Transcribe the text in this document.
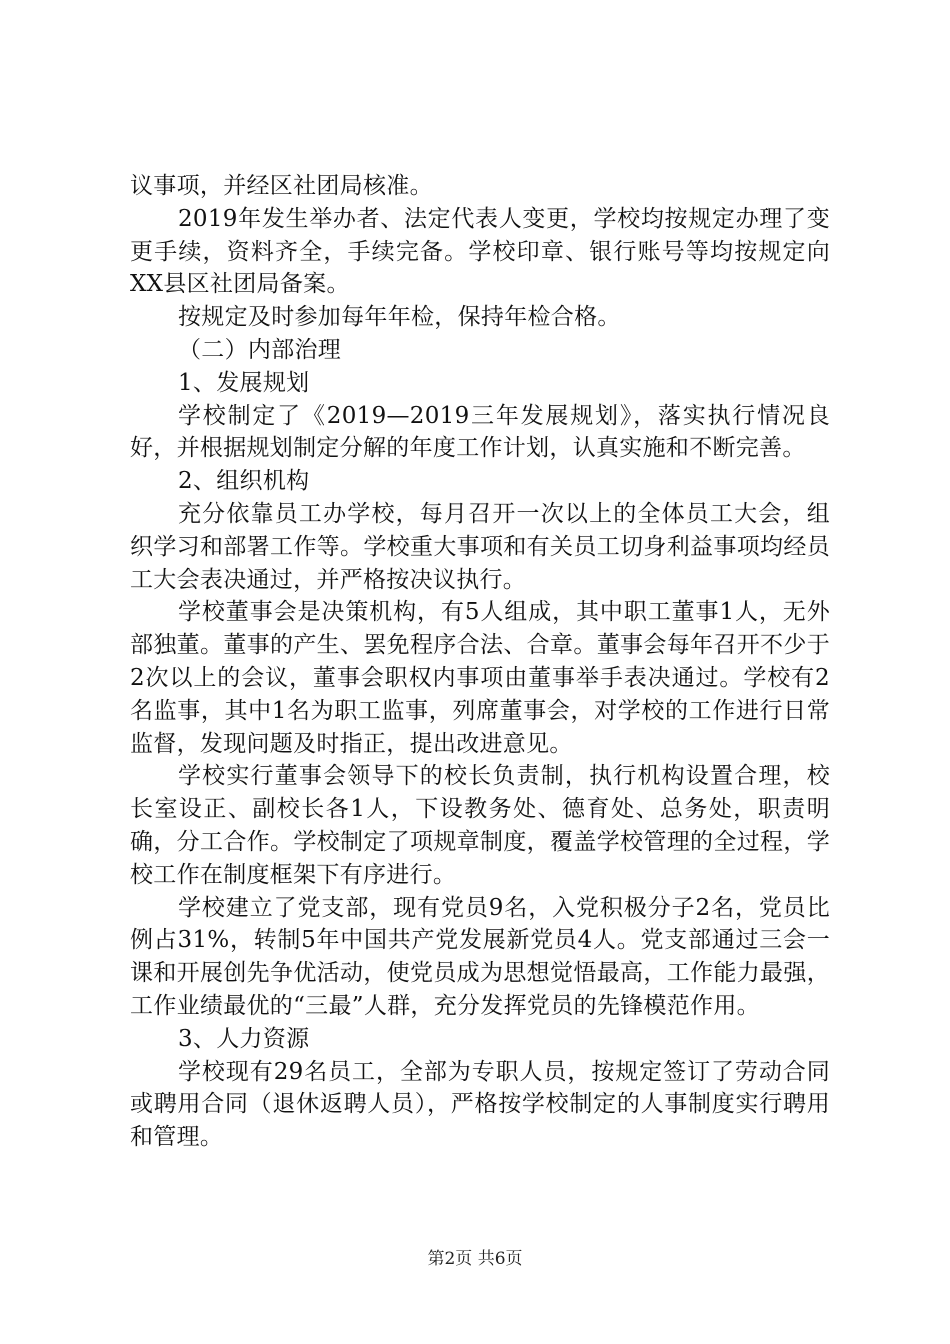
议事项，并经区社团局核准。

2019年发生举办者、法定代表人变更，学校均按规定办理了变更手续，资料齐全，手续完备。学校印章、银行账号等均按规定向XX县区社团局备案。

按规定及时参加每年年检，保持年检合格。

（二）内部治理

1、发展规划

学校制定了《2019—2019三年发展规划》，落实执行情况良好，并根据规划制定分解的年度工作计划，认真实施和不断完善。

2、组织机构

充分依靠员工办学校，每月召开一次以上的全体员工大会，组织学习和部署工作等。学校重大事项和有关员工切身利益事项均经员工大会表决通过，并严格按决议执行。

学校董事会是决策机构，有5人组成，其中职工董事1人，无外部独董。董事的产生、罢免程序合法、合章。董事会每年召开不少于2次以上的会议，董事会职权内事项由董事举手表决通过。学校有2名监事，其中1名为职工监事，列席董事会，对学校的工作进行日常监督，发现问题及时指正，提出改进意见。

学校实行董事会领导下的校长负责制，执行机构设置合理，校长室设正、副校长各1人，下设教务处、德育处、总务处，职责明确，分工合作。学校制定了项规章制度，覆盖学校管理的全过程，学校工作在制度框架下有序进行。

学校建立了党支部，现有党员9名，入党积极分子2名，党员比例占31%，转制5年中国共产党发展新党员4人。党支部通过三会一课和开展创先争优活动，使党员成为思想觉悟最高，工作能力最强，工作业绩最优的“三最”人群，充分发挥党员的先锋模范作用。

3、人力资源

学校现有29名员工，全部为专职人员，按规定签订了劳动合同或聘用合同（退休返聘人员），严格按学校制定的人事制度实行聘用和管理。

第2页 共6页
